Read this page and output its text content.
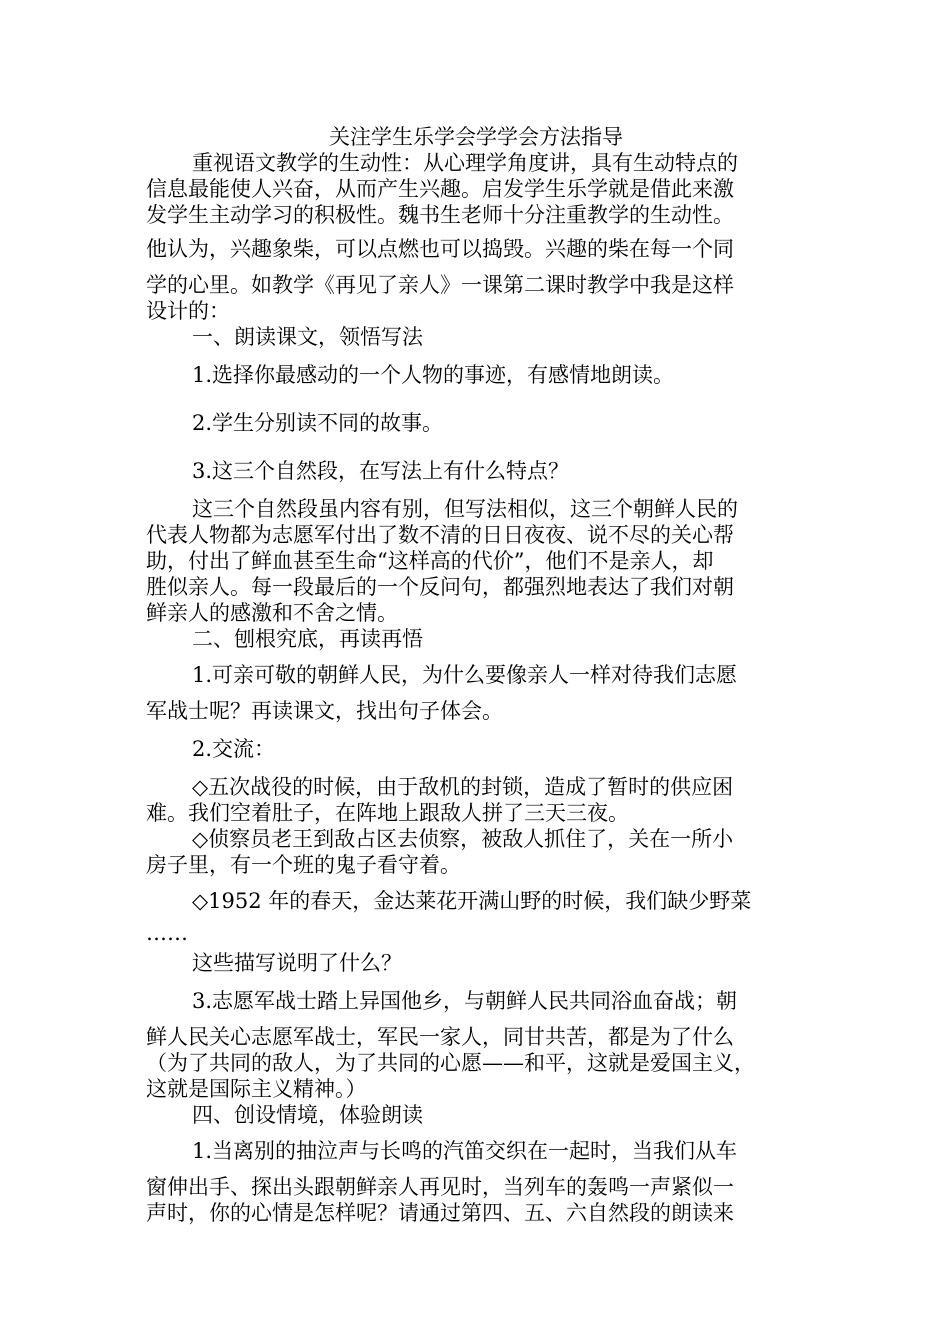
关注学生乐学会学学会方法指导
重视语文教学的生动性：从心理学角度讲，具有生动特点的
信息最能使人兴奋，从而产生兴趣。启发学生乐学就是借此来激
发学生主动学习的积极性。魏书生老师十分注重教学的生动性。
他认为，兴趣象柴，可以点燃也可以捣毁。兴趣的柴在每一个同
学的心里。如教学《再见了亲人》一课第二课时教学中我是这样
设计的：
一、朗读课文，领悟写法
1.选择你最感动的一个人物的事迹，有感情地朗读。
2.学生分别读不同的故事。
3.这三个自然段，在写法上有什么特点？
这三个自然段虽内容有别，但写法相似，这三个朝鲜人民的
代表人物都为志愿军付出了数不清的日日夜夜、说不尽的关心帮
助，付出了鲜血甚至生命“这样高的代价”，他们不是亲人，却
胜似亲人。每一段最后的一个反问句，都强烈地表达了我们对朝
鲜亲人的感激和不舍之情。
二、刨根究底，再读再悟
1.可亲可敬的朝鲜人民，为什么要像亲人一样对待我们志愿
军战士呢？再读课文，找出句子体会。
2.交流：
◇五次战役的时候，由于敌机的封锁，造成了暂时的供应困
难。我们空着肚子，在阵地上跟敌人拼了三天三夜。
◇侦察员老王到敌占区去侦察，被敌人抓住了，关在一所小
房子里，有一个班的鬼子看守着。
◇1952 年的春天，金达莱花开满山野的时候，我们缺少野菜
……
这些描写说明了什么？
3.志愿军战士踏上异国他乡，与朝鲜人民共同浴血奋战；朝
鲜人民关心志愿军战士，军民一家人，同甘共苦，都是为了什么
（为了共同的敌人，为了共同的心愿——和平，这就是爱国主义，
这就是国际主义精神。）
四、创设情境，体验朗读
1.当离别的抽泣声与长鸣的汽笛交织在一起时，当我们从车
窗伸出手、探出头跟朝鲜亲人再见时，当列车的轰鸣一声紧似一
声时，你的心情是怎样呢？请通过第四、五、六自然段的朗读来
